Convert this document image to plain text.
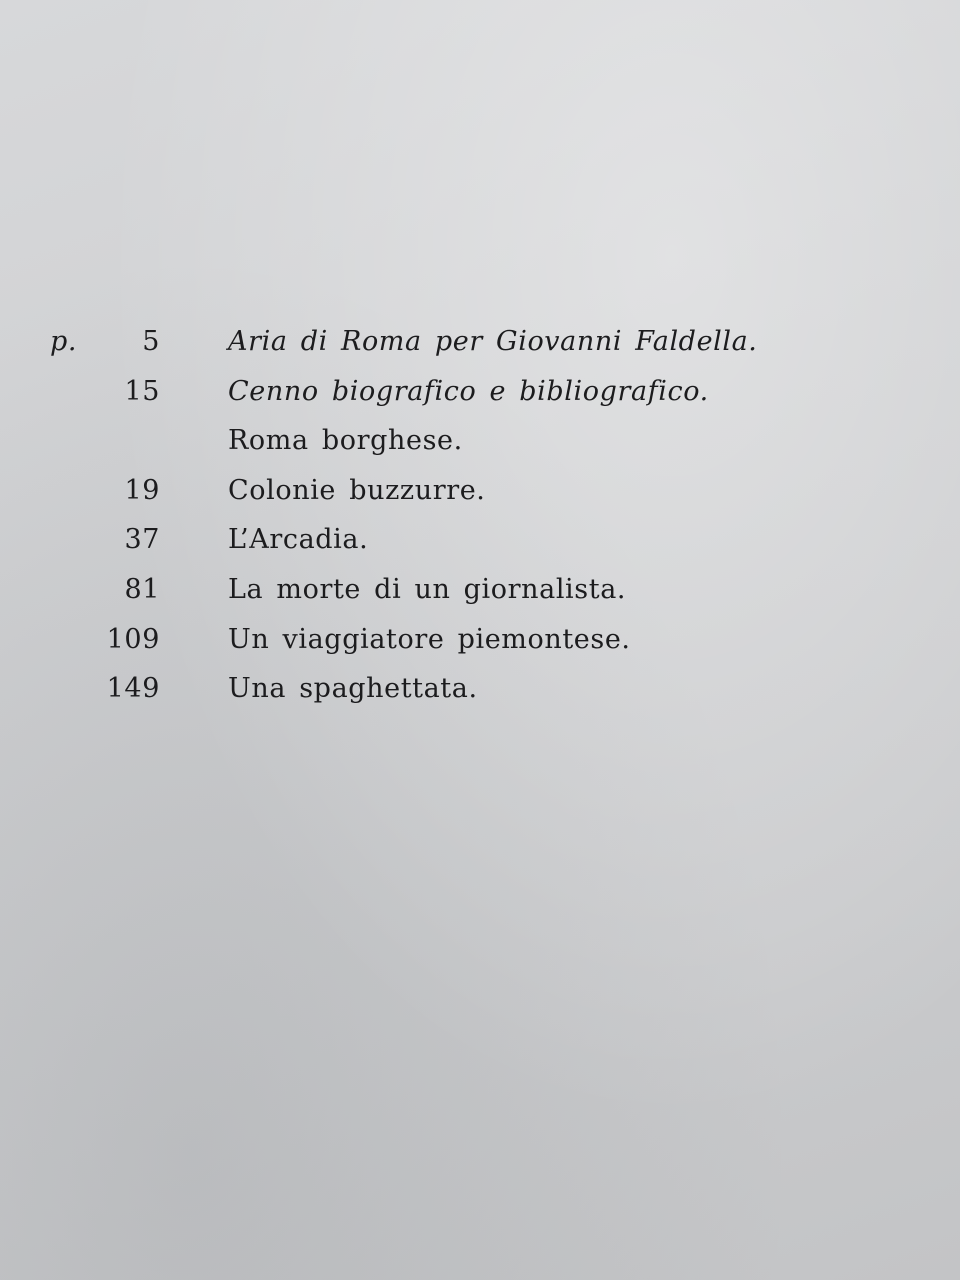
p.	5	Aria di Roma per Giovanni Faldella.
15	Cenno biografico e bibliografico.
Roma borghese.
19	Colonie buzzurre.
37	L’Arcadia.
81	La morte di un giornalista.
109	Un viaggiatore piemontese.
149	Una spaghettata.
